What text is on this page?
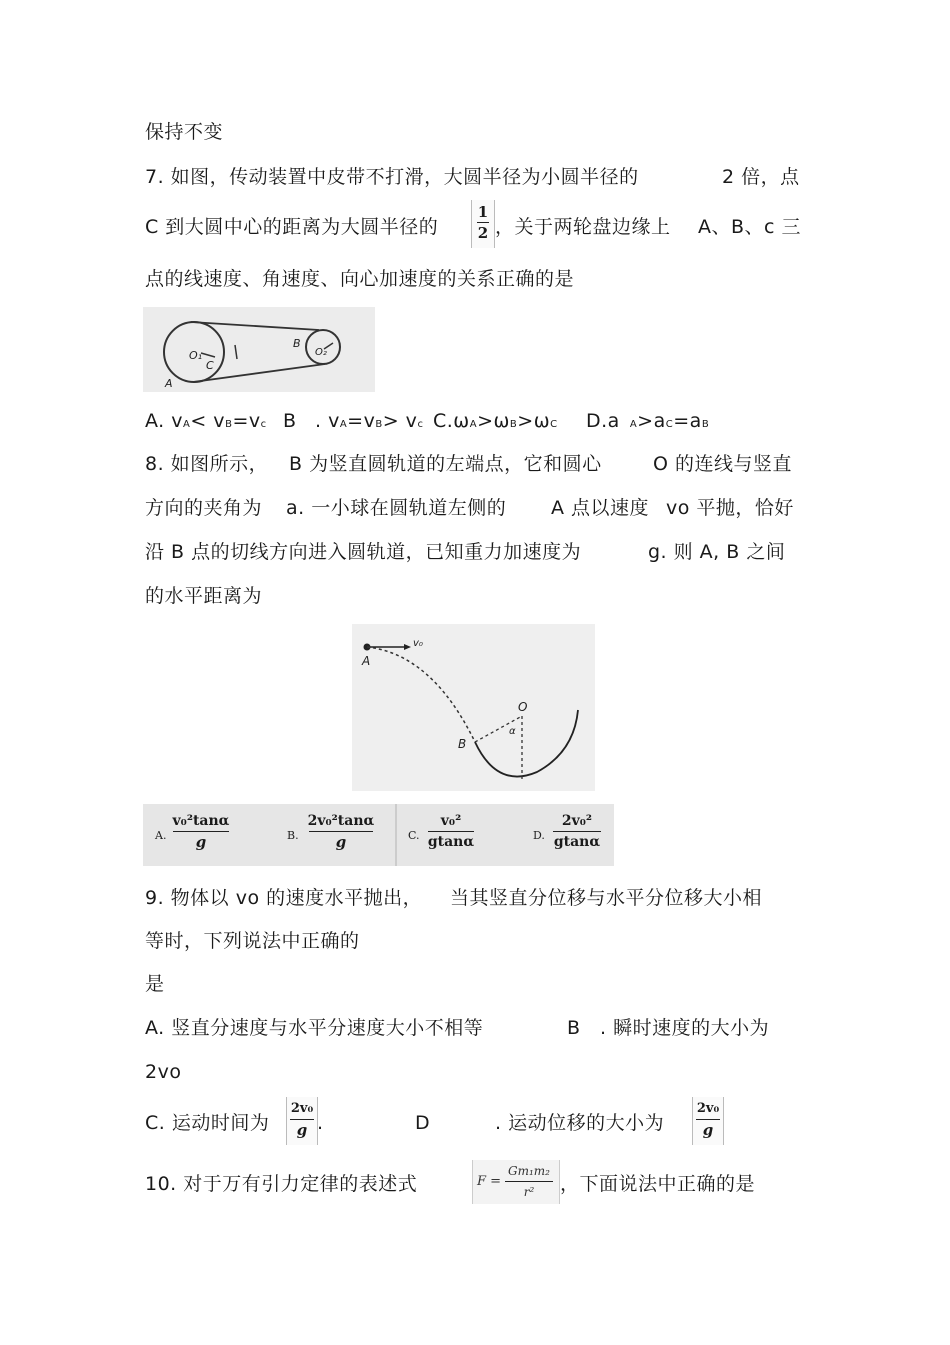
保持不变
7. 如图，传动装置中皮带不打滑，大圆半径为小圆半径的	2 倍，点
C 到大圆中心的距离为大圆半径的
1
2 ，关于两轮盘边缘上 A、B、c 三
点的线速度、角速度、向心加速度的关系正确的是
O₁
C
A
B
O₂
A. vA< vB=vc B . vA=vB> vc C.ωA>ωB>ωC D.a A>aC=aB
8. 如图所示， B 为竖直圆轨道的左端点，它和圆心	O 的连线与竖直
方向的夹角为 a. 一小球在圆轨道左侧的 A 点以速度 vo 平抛，恰好
沿 B 点的切线方向进入圆轨道，已知重力加速度为	g. 则 A, B 之间
的水平距离为
A
v₀
O
B
α
A.
v₀²tanα
g	B.
2v₀²tanα
g	C.
v₀²
gtanα	D.
2v₀²
gtanα
9. 物体以 vo 的速度水平抛出， 当其竖直分位移与水平分位移大小相
等时，下列说法中正确的
是
A. 竖直分速度与水平分速度大小不相等	B . 瞬时速度的大小为
2vo
C. 运动时间为
2v₀
g .	D	. 运动位移的大小为
2v₀
g
10. 对于万有引力定律的表述式	F =
Gm₁m₂
r²	，下面说法中正确的是
